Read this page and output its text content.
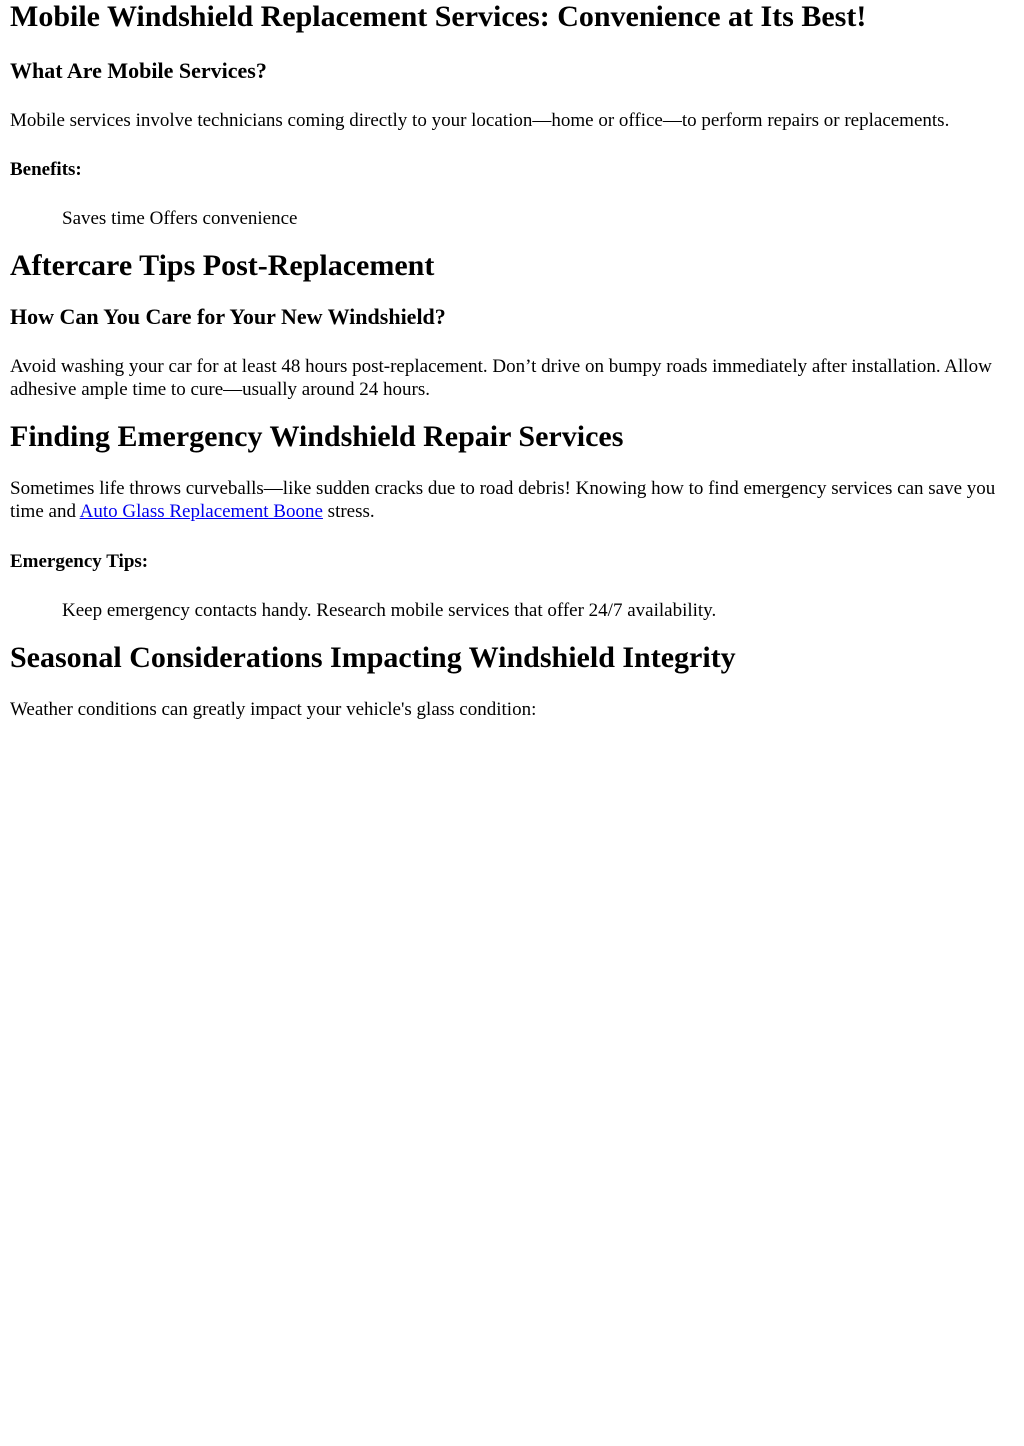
Mobile Windshield Replacement Services: Convenience at Its Best!
What Are Mobile Services?

Mobile services involve technicians coming directly to your location—home or office—to perform repairs or replacements.

Benefits:

Saves time Offers convenience

Aftercare Tips Post-Replacement
How Can You Care for Your New Windshield?

Avoid washing your car for at least 48 hours post-replacement. Don’t drive on bumpy roads immediately after installation. Allow adhesive ample time to cure—usually around 24 hours.

Finding Emergency Windshield Repair Services

Sometimes life throws curveballs—like sudden cracks due to road debris! Knowing how to find emergency services can save you time and Auto Glass Replacement Boone stress.

Emergency Tips:

Keep emergency contacts handy. Research mobile services that offer 24/7 availability.

Seasonal Considerations Impacting Windshield Integrity

Weather conditions can greatly impact your vehicle's glass condition:
